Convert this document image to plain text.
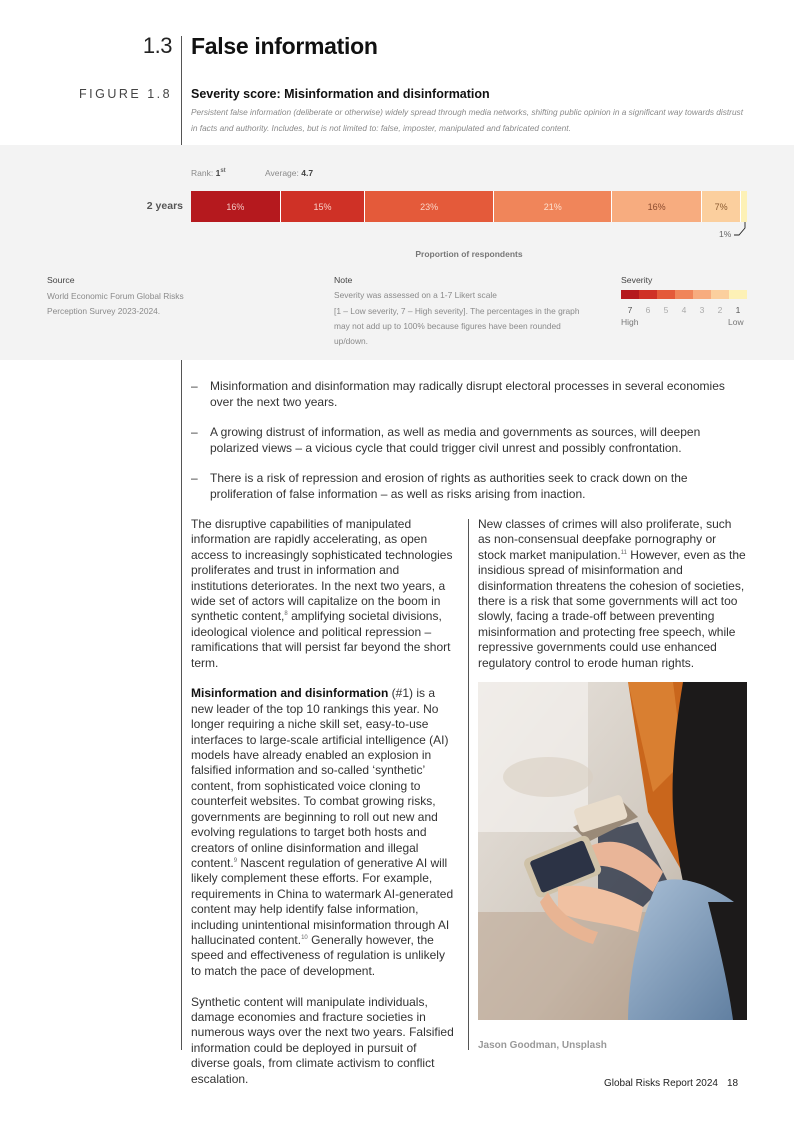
1.3 False information
FIGURE 1.8 Severity score: Misinformation and disinformation
Persistent false information (deliberate or otherwise) widely spread through media networks, shifting public opinion in a significant way towards distrust in facts and authority. Includes, but is not limited to: false, imposter, manipulated and fabricated content.
Rank: 1st	Average: 4.7
2 years	16%	15%	23%	21%	16%	7%
1%
Proportion of respondents
Source
World Economic Forum Global Risks Perception Survey 2023-2024.
Note
Severity was assessed on a 1-7 Likert scale
[1 – Low severity, 7 – High severity]. The percentages in the graph may not add up to 100% because figures have been rounded up/down.
Severity
7	6	5	4	3	2	1
High	Low
–	Misinformation and disinformation may radically disrupt electoral processes in several economies over the next two years.
–	A growing distrust of information, as well as media and governments as sources, will deepen polarized views – a vicious cycle that could trigger civil unrest and possibly confrontation.
–	There is a risk of repression and erosion of rights as authorities seek to crack down on the proliferation of false information – as well as risks arising from inaction.

The disruptive capabilities of manipulated information are rapidly accelerating, as open access to increasingly sophisticated technologies proliferates and trust in information and institutions deteriorates. In the next two years, a wide set of actors will capitalize on the boom in synthetic content,$^8$ amplifying societal divisions, ideological violence and political repression – ramifications that will persist far beyond the short term.

Misinformation and disinformation (#1) is a new leader of the top 10 rankings this year. No longer requiring a niche skill set, easy-to-use interfaces to large-scale artificial intelligence (AI) models have already enabled an explosion in falsified information and so-called ‘synthetic’ content, from sophisticated voice cloning to counterfeit websites. To combat growing risks, governments are beginning to roll out new and evolving regulations to target both hosts and creators of online disinformation and illegal content.$^9$ Nascent regulation of generative AI will likely complement these efforts. For example, requirements in China to watermark AI-generated content may help identify false information, including unintentional misinformation through AI hallucinated content.$^{10}$ Generally however, the speed and effectiveness of regulation is unlikely to match the pace of development.

Synthetic content will manipulate individuals, damage economies and fracture societies in numerous ways over the next two years. Falsified information could be deployed in pursuit of diverse goals, from climate activism to conflict escalation.

New classes of crimes will also proliferate, such as non-consensual deepfake pornography or stock market manipulation.$^{11}$ However, even as the insidious spread of misinformation and disinformation threatens the cohesion of societies, there is a risk that some governments will act too slowly, facing a trade-off between preventing misinformation and protecting free speech, while repressive governments could use enhanced regulatory control to erode human rights.

Jason Goodman, Unsplash
Global Risks Report 2024 18
